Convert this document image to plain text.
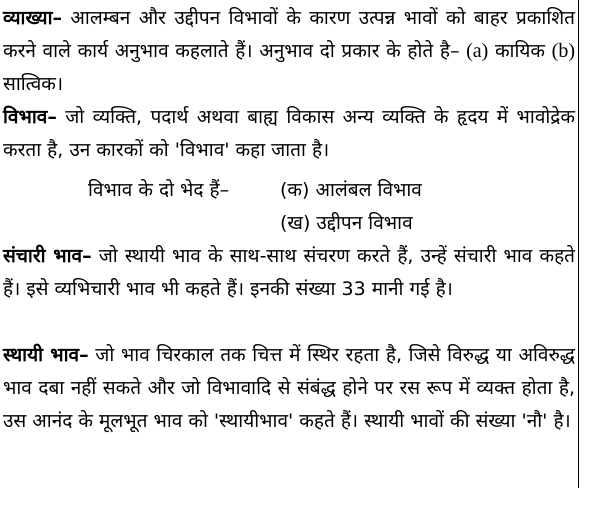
व्याख्या– आलम्बन और उद्दीपन विभावों के कारण उत्पन्न भावों को बाहर प्रकाशित करने वाले कार्य अनुभाव कहलाते हैं। अनुभाव दो प्रकार के होते है– (a) कायिक (b) सात्विक।

विभाव– जो व्यक्ति, पदार्थ अथवा बाह्य विकास अन्य व्यक्ति के हृदय में भावोद्रेक करता है, उन कारकों को 'विभाव' कहा जाता है।

विभाव के दो भेद हैं–	(क) आलंबल विभाव
(ख) उद्दीपन विभाव

संचारी भाव– जो स्थायी भाव के साथ-साथ संचरण करते हैं, उन्हें संचारी भाव कहते हैं। इसे व्यभिचारी भाव भी कहते हैं। इनकी संख्या 33 मानी गई है।

स्थायी भाव– जो भाव चिरकाल तक चित्त में स्थिर रहता है, जिसे विरुद्ध या अविरुद्ध भाव दबा नहीं सकते और जो विभावादि से संबंद्ध होने पर रस रूप में व्यक्त होता है, उस आनंद के मूलभूत भाव को 'स्थायीभाव' कहते हैं। स्थायी भावों की संख्या 'नौ' है।
